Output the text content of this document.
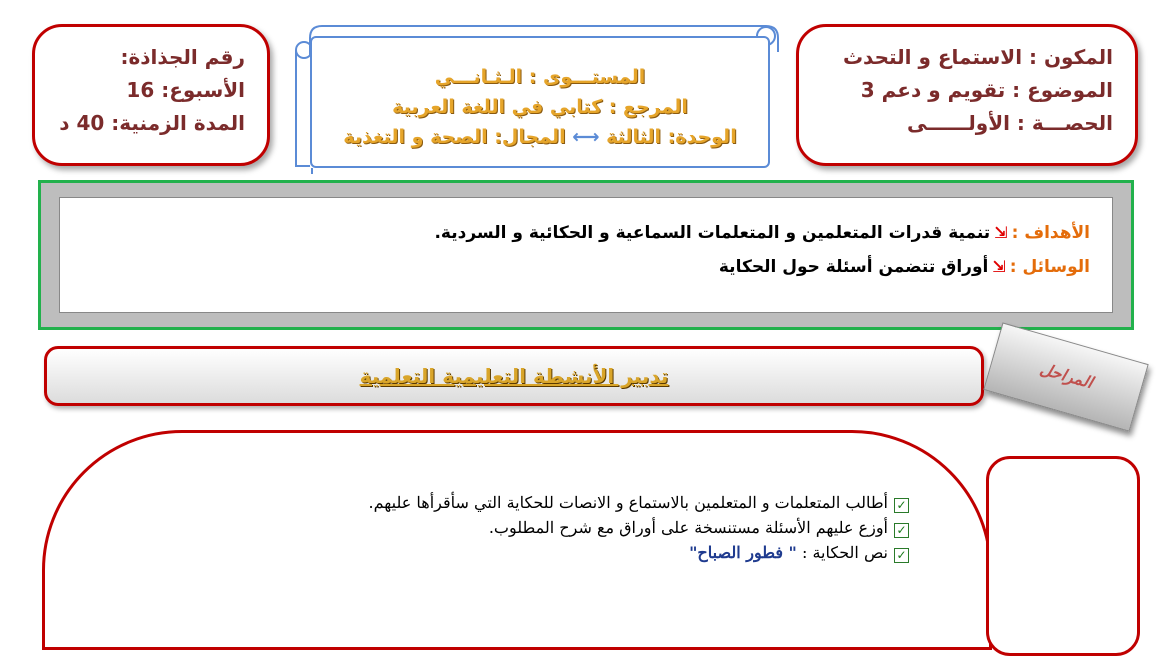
المكون : الاستماع و التحدث
الموضوع : تقويم و دعم 3
الحصـــة : الأولــــــى
المستـــوى : الـثـانـــي
المرجع : كتابي في اللغة العربية
الوحدة: الثالثة ⟷ المجال: الصحة و التغذية
رقم الجذاذة:
الأسبوع: 16
المدة الزمنية: 40 د
الأهداف :⇲تنمية قدرات المتعلمين و المتعلمات السماعية و الحكائية و السردية.
الوسائل :⇲أوراق تتضمن أسئلة حول الحكاية
تدبير الأنشطة التعليمية التعلمية	المراحل
✓أطالب المتعلمات و المتعلمين بالاستماع و الانصات للحكاية التي سأقرأها عليهم.
✓أوزع عليهم الأسئلة مستنسخة على أوراق مع شرح المطلوب.
✓نص الحكاية : " فطور الصباح"
